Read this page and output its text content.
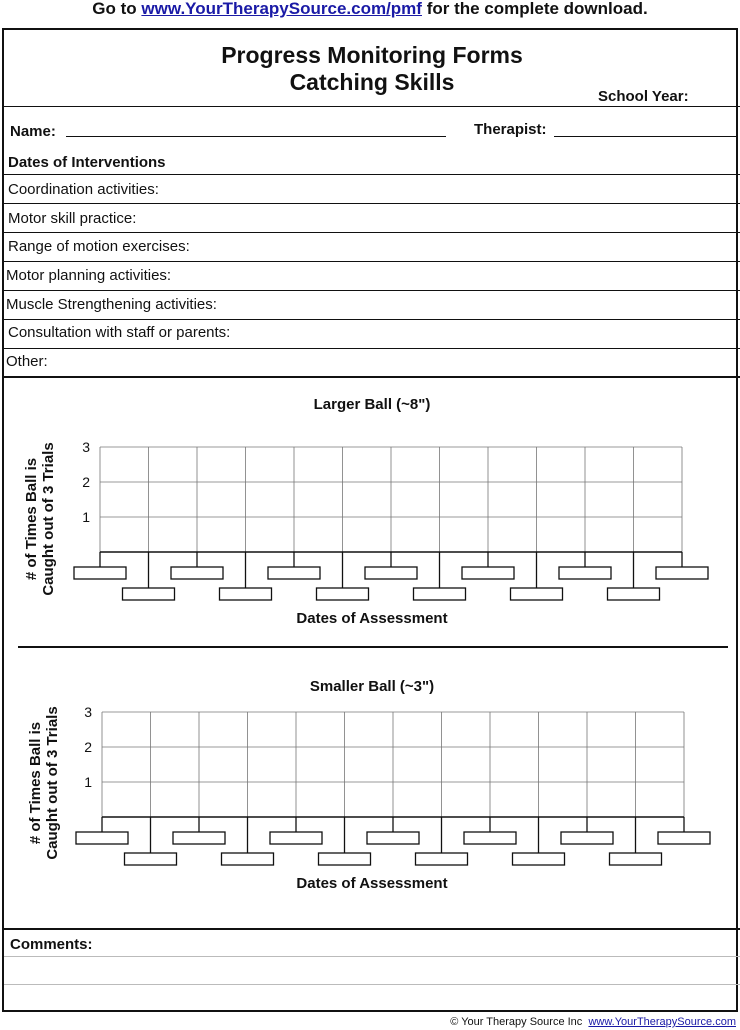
Go to www.YourTherapySource.com/pmf for the complete download.
Progress Monitoring Forms
Catching Skills
School Year:
Name:	Therapist:
Dates of Interventions
Coordination activities:
Motor skill practice:
Range of motion exercises:
Motor planning activities:
Muscle Strengthening activities:
Consultation with staff or parents:
Other:
Larger Ball (~8")
# of Times Ball is Caught out of 3 Trials 1
2
3
Dates of Assessment
Smaller Ball (~3")
# of Times Ball is Caught out of 3 Trials 1
2
3
Dates of Assessment
Comments:
© Your Therapy Source Inc www.YourTherapySource.com
